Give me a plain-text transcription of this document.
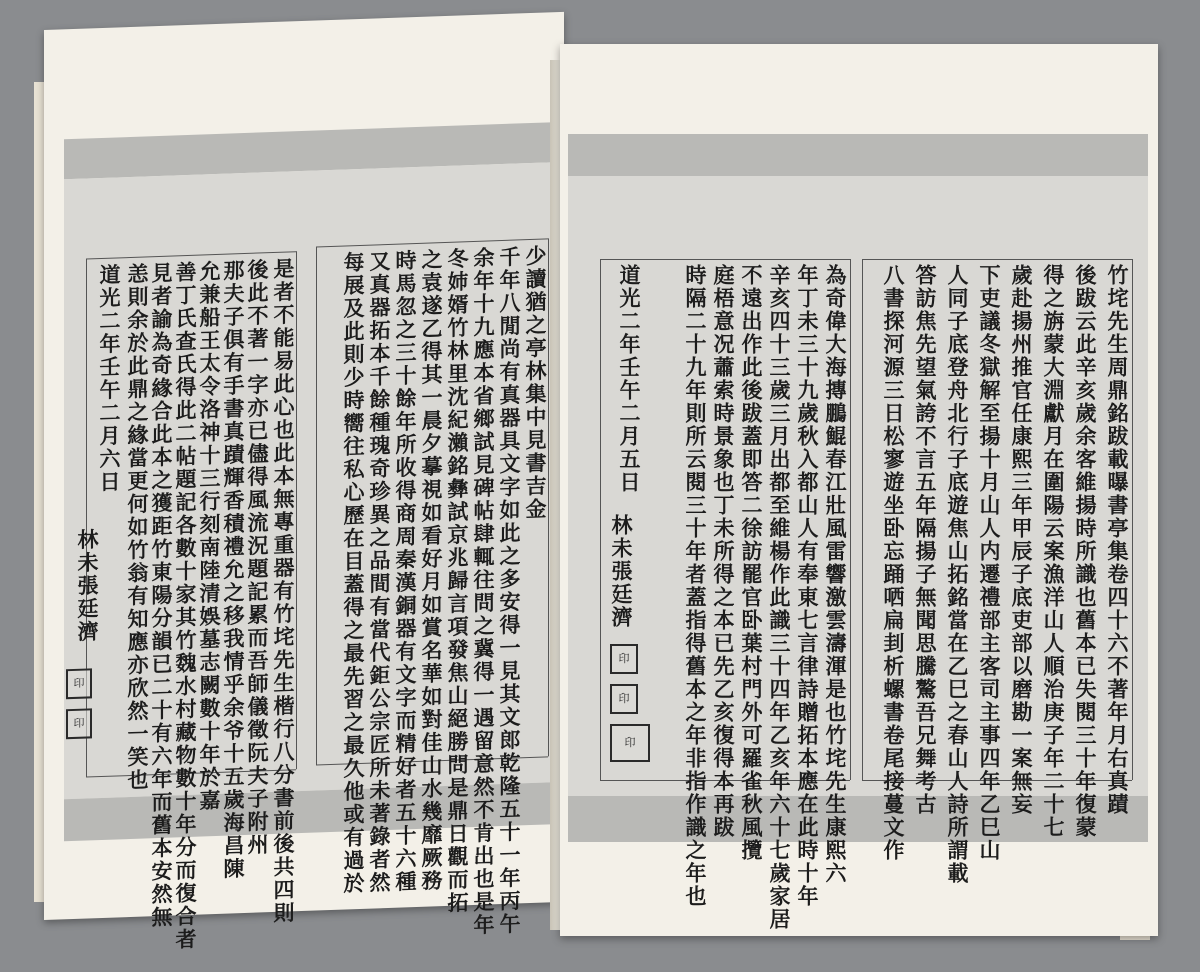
是者不能易此心也此本無專重器有竹垞先生楷行八分書前後共四則
後此不著一字亦已儘得風流況題記累而吾師儀徵阮夫子附州
那夫子俱有手書真蹟輝香積禮允之移我情乎余爷十五歲海昌陳
允兼船王太令洛神十三行刻南陸清娛墓志闕數十年於嘉
善丁氏查氏得此二帖題記各數十家其竹魏水村藏物數十年分而復合者
見者諭為奇緣合此本之獲距竹東陽分韻已二十有六年而舊本安然無
恙則余於此鼎之緣當更何如竹翁有知應亦欣然一笑也
道光二年壬午二月六日
林未張廷濟
印
印
少讀猶之亭林集中見書吉金
千年八閒尚有真器具文字如此之多安得一見其文郎乾隆五十一年丙午
余年十九應本省鄉試見碑帖肆輒往問之冀得一遇留意然不肯出也是年
冬姉婿竹林里沈紀瀨銘彝試京兆歸言項發焦山絕勝問是鼎日觀而拓
之袁遂乙得其一晨夕摹視如看好月如賞名華如對佳山水幾靡厥務
時馬忽之三十餘年所收得商周秦漢銅器有文字而精好者五十六種
又真器拓本千餘種瑰奇珍異之品間有當代鉅公宗匠所未著錄者然
每展及此則少時嚮往私心歷在目蓋得之最先習之最久他或有過於	為奇偉大海摶鵬鯤春江壯風雷響激雲濤渾是也竹垞先生康熙六
年丁未三十九歲秋入都山人有奉東七言律詩贈拓本應在此時十年
辛亥四十三歲三月出都至維楊作此識三十四年乙亥年六十七歲家居
不遠出作此後跋蓋即答二徐訪罷官卧葉村門外可羅雀秋風攬
庭梧意况蕭索時景象也丁未所得之本已先乙亥復得本再跋
時隔二十九年則所云閱三十年者蓋指得舊本之年非指作識之年也
道光二年壬午二月五日
林未張廷濟
印
印
印	竹垞先生周鼎銘跋載曝書亭集卷四十六不著年月右真蹟
後跋云此辛亥歲余客維揚時所識也舊本已失閱三十年復蒙
得之旃蒙大淵獻月在圍陽云案漁洋山人順治庚子年二十七
歲赴揚州推官任康熙三年甲辰子底吏部以磨勘一案無妄
下吏議冬獄解至揚十月山人内遷禮部主客司主事四年乙巳山
人同子底登舟北行子底遊焦山拓銘當在乙巳之春山人詩所謂載
答訪焦先望氣誇不言五年隔揚子無聞思騰驁吾兄舞考古
八書探河源三日松寥遊坐卧忘踊哂扁刲析螺書卷尾接蔓文作
